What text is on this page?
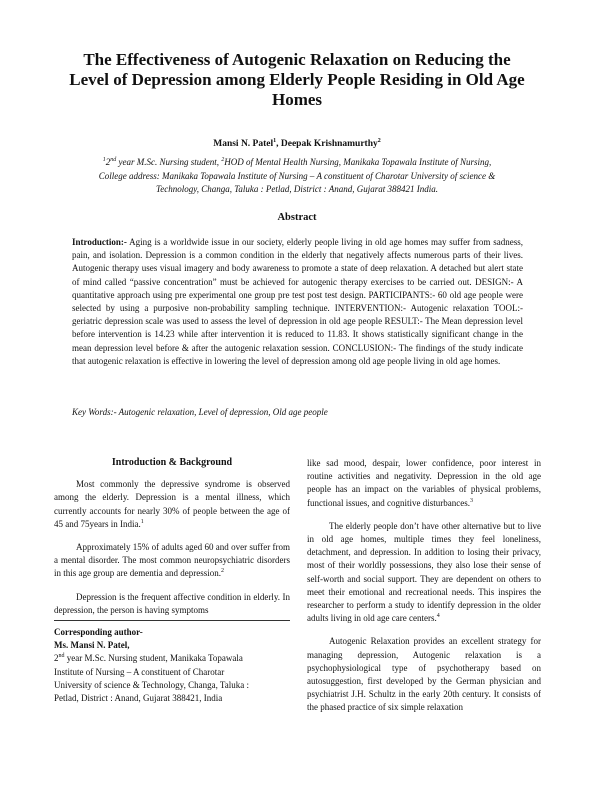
The Effectiveness of Autogenic Relaxation on Reducing the
Level of Depression among Elderly People Residing in Old Age
Homes
Mansi N. Patel$^1$, Deepak Krishnamurthy$^2$
$^1$2nd year M.Sc. Nursing student, $^2$HOD of Mental Health Nursing, Manikaka Topawala Institute of Nursing,
College address: Manikaka Topawala Institute of Nursing – A constituent of Charotar University of science &
Technology, Changa, Taluka : Petlad, District : Anand, Gujarat 388421 India.
Abstract
Introduction:- Aging is a worldwide issue in our society, elderly people living in old age homes may suffer from sadness, pain, and isolation. Depression is a common condition in the elderly that negatively affects numerous parts of their lives. Autogenic therapy uses visual imagery and body awareness to promote a state of deep relaxation. A detached but alert state of mind called “passive concentration” must be achieved for autogenic therapy exercises to be carried out. DESIGN:- A quantitative approach using pre experimental one group pre test post test design. PARTICIPANTS:- 60 old age people were selected by using a purposive non-probability sampling technique. INTERVENTION:- Autogenic relaxation TOOL:- geriatric depression scale was used to assess the level of depression in old age people RESULT:- The Mean depression level before intervention is 14.23 while after intervention it is reduced to 11.83. It shows statistically significant change in the mean depression level before & after the autogenic relaxation session. CONCLUSION:- The findings of the study indicate that autogenic relaxation is effective in lowering the level of depression among old age people living in old age homes.
Key Words:- Autogenic relaxation, Level of depression, Old age people
Introduction & Background

Most commonly the depressive syndrome is observed among the elderly. Depression is a mental illness, which currently accounts for nearly 30% of people between the age of 45 and 75years in India.$^1$

Approximately 15% of adults aged 60 and over suffer from a mental disorder. The most common neuropsychiatric disorders in this age group are dementia and depression.$^2$

Depression is the frequent affective condition in elderly. In depression, the person is having symptoms

like sad mood, despair, lower confidence, poor interest in routine activities and negativity. Depression in the old age people has an impact on the variables of physical problems, functional issues, and cognitive disturbances.$^3$

The elderly people don’t have other alternative but to live in old age homes, multiple times they feel loneliness, detachment, and depression. In addition to losing their privacy, most of their worldly possessions, they also lose their sense of self-worth and social support. They are dependent on others to meet their emotional and recreational needs. This inspires the researcher to perform a study to identify depression in the older adults living in old age care centers.$^4$

Autogenic Relaxation provides an excellent strategy for managing depression, Autogenic relaxation is a psychophysiological type of psychotherapy based on autosuggestion, first developed by the German physician and psychiatrist J.H. Schultz in the early 20th century. It consists of the phased practice of six simple relaxation

Corresponding author-
Ms. Mansi N. Patel,
2nd year M.Sc. Nursing student, Manikaka Topawala
Institute of Nursing – A constituent of Charotar
University of science & Technology, Changa, Taluka :
Petlad, District : Anand, Gujarat 388421, India
